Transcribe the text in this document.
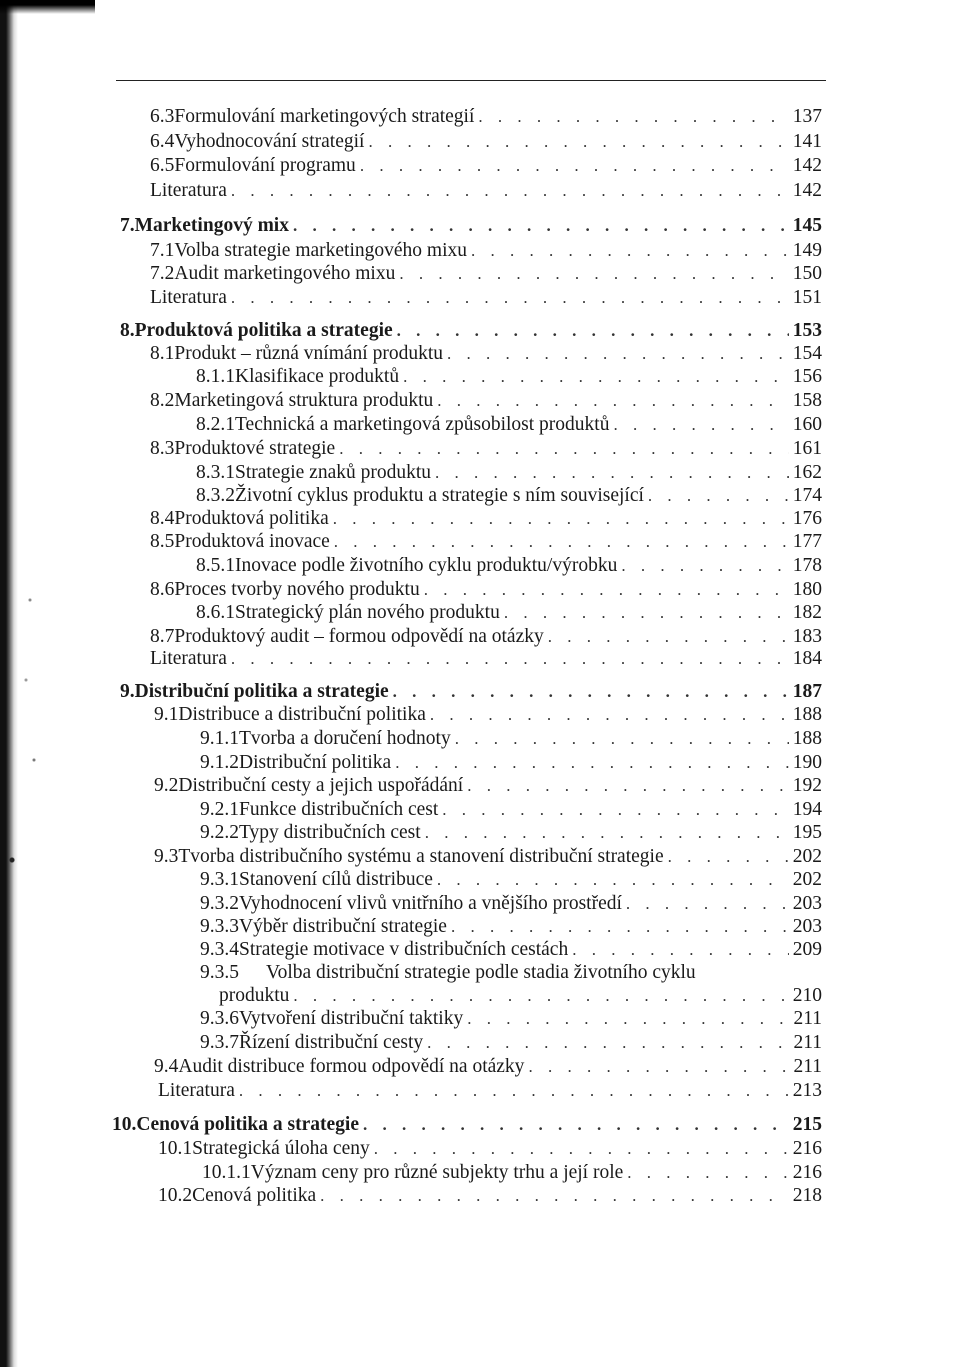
6.3 Formulování marketingových strategií . . .	137
6.4 Vyhodnocování strategií . . .	141
6.5 Formulování programu . . .	142
Literatura . . .	142
7. Marketingový mix . . .	145
7.1 Volba strategie marketingového mixu . . .	149
7.2 Audit marketingového mixu . . .	150
Literatura . . .	151
8. Produktová politika a strategie . . .	153
8.1 Produkt – různá vnímání produktu . . .	154
8.1.1 Klasifikace produktů . . .	156
8.2 Marketingová struktura produktu . . .	158
8.2.1 Technická a marketingová způsobilost produktů . . .	160
8.3 Produktové strategie . . .	161
8.3.1 Strategie znaků produktu . . .	162
8.3.2 Životní cyklus produktu a strategie s ním související . . .	174
8.4 Produktová politika . . .	176
8.5 Produktová inovace . . .	177
8.5.1 Inovace podle životního cyklu produktu/výrobku . . .	178
8.6 Proces tvorby nového produktu . . .	180
8.6.1 Strategický plán nového produktu . . .	182
8.7 Produktový audit – formou odpovědí na otázky . . .	183
Literatura . . .	184
9. Distribuční politika a strategie . . .	187
9.1 Distribuce a distribuční politika . . .	188
9.1.1 Tvorba a doručení hodnoty . . .	188
9.1.2 Distribuční politika . . .	190
9.2 Distribuční cesty a jejich uspořádání . . .	192
9.2.1 Funkce distribučních cest . . .	194
9.2.2 Typy distribučních cest . . .	195
9.3 Tvorba distribučního systému a stanovení distribuční strategie . . .	202
9.3.1 Stanovení cílů distribuce . . .	202
9.3.2 Vyhodnocení vlivů vnitřního a vnějšího prostředí . . .	203
9.3.3 Výběr distribuční strategie . . .	203
9.3.4 Strategie motivace v distribučních cestách . . .	209
9.3.5	Volba distribuční strategie podle stadia životního cyklu
produktu . . .	210
9.3.6 Vytvoření distribuční taktiky . . .	211
9.3.7 Řízení distribuční cesty . . .	211
9.4 Audit distribuce formou odpovědí na otázky . . .	211
Literatura . . .	213
10. Cenová politika a strategie . . .	215
10.1 Strategická úloha ceny . . .	216
10.1.1 Význam ceny pro různé subjekty trhu a její role . . .	216
10.2 Cenová politika . . .	218
